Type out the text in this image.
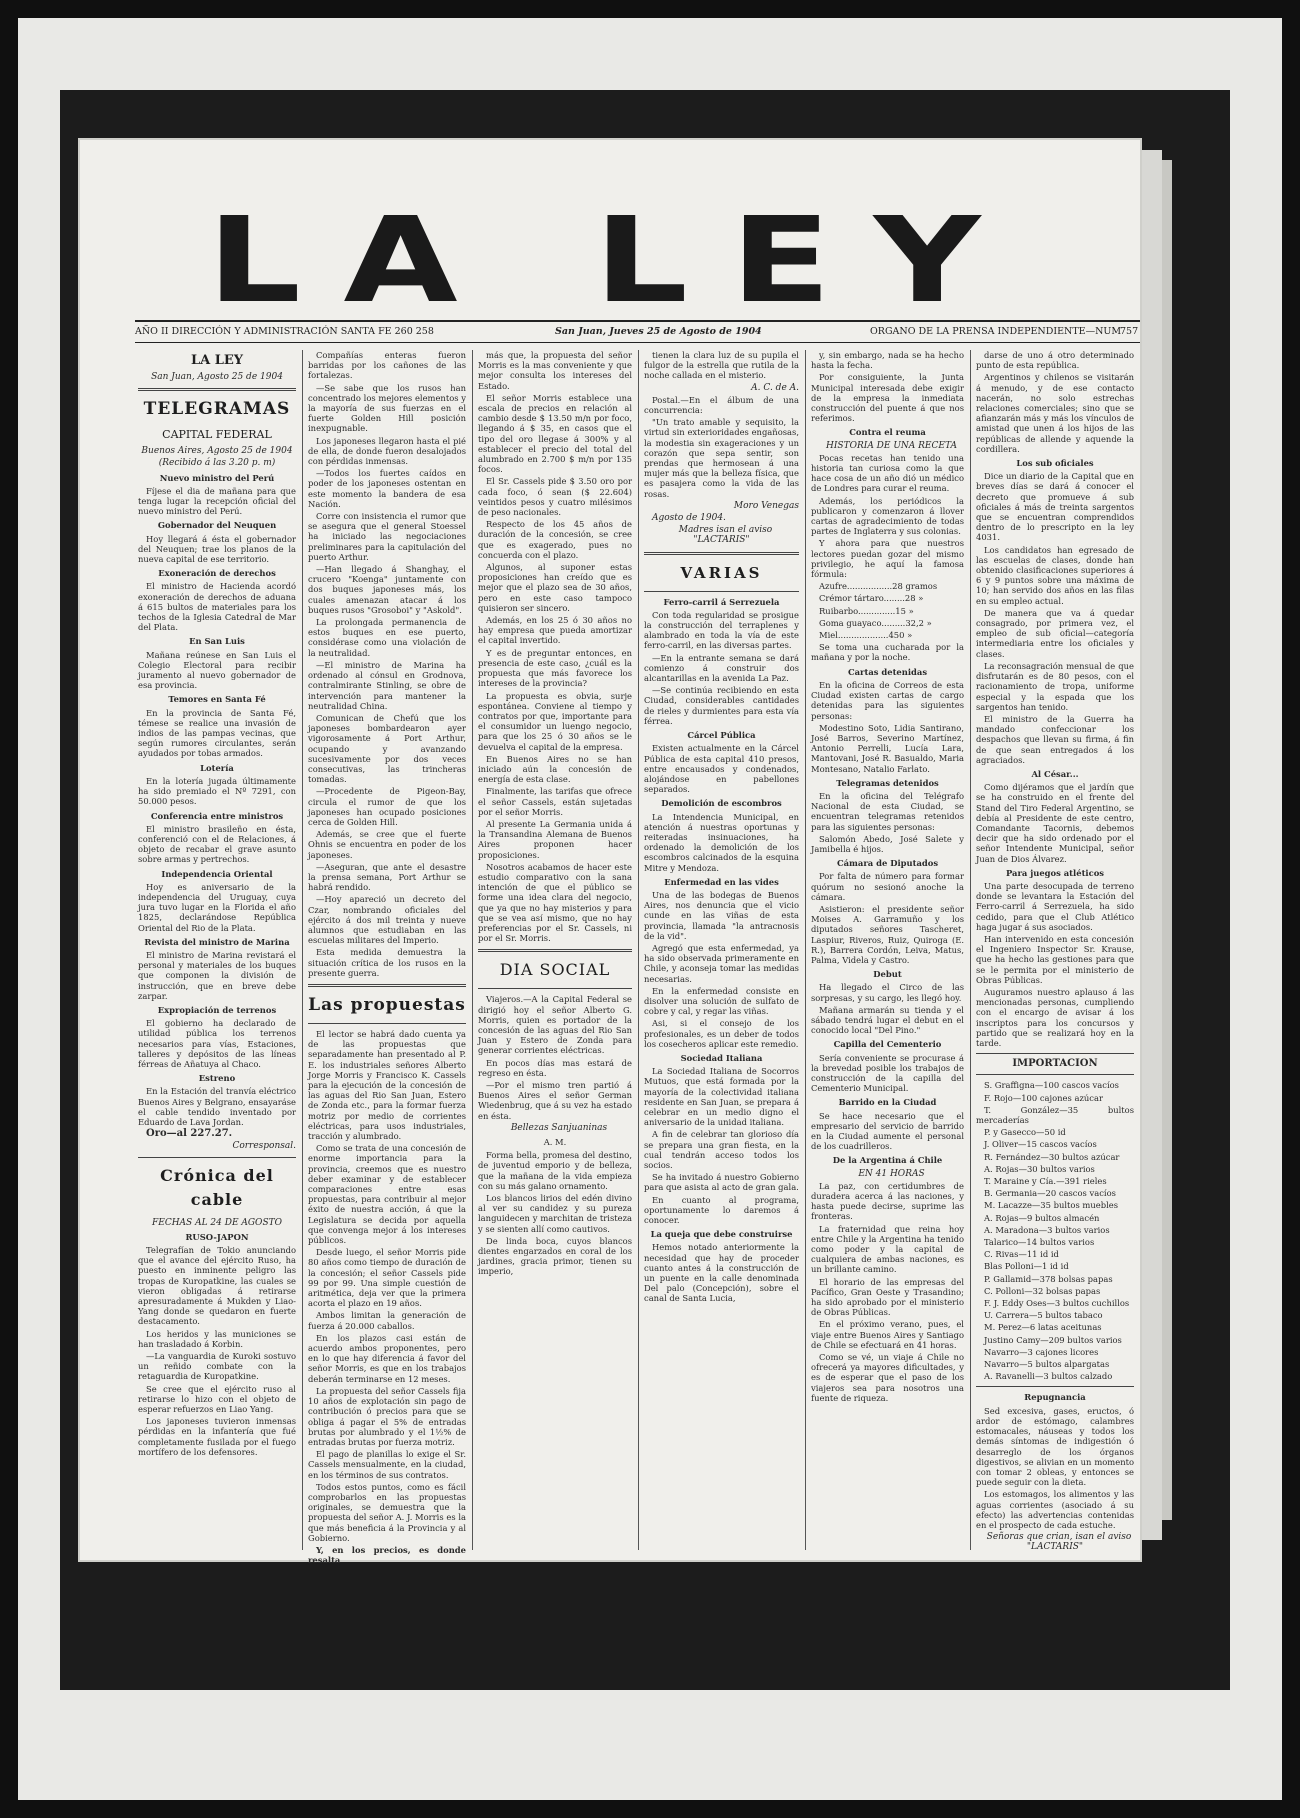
LA LEY
AÑO II DIRECCIÓN Y ADMINISTRACIÓN SANTA FE 260 258	San Juan, Jueves 25 de Agosto de 1904	ORGANO DE LA PRENSA INDEPENDIENTE—NUM
757
LA LEY
San Juan, Agosto 25 de 1904
TELEGRAMAS
CAPITAL FEDERAL
Buenos Aires, Agosto 25 de 1904
(Recibido á las 3.20 p. m)

Nuevo ministro del Perú

Fíjese el dia de mañana para que tenga lugar la recepción oficial del nuevo ministro del Perú.

Gobernador del Neuquen

Hoy llegará á ésta el gobernador del Neuquen; trae los planos de la nueva capital de ese territorio.

Exoneración de derechos

El ministro de Hacienda acordó exoneración de derechos de aduana á 615 bultos de materiales para los techos de la Iglesia Catedral de Mar del Plata.

En San Luis

Mañana reúnese en San Luis el Colegio Electoral para recibir juramento al nuevo gobernador de esa provincia.

Temores en Santa Fé

En la provincia de Santa Fé, témese se realice una invasión de indios de las pampas vecinas, que según rumores circulantes, serán ayudados por tobas armados.

Lotería

En la lotería jugada últimamente ha sido premiado el Nº 7291, con 50.000 pesos.

Conferencia entre ministros

El ministro brasileño en ésta, conferenció con el de Relaciones, á objeto de recabar el grave asunto sobre armas y pertrechos.

Independencia Oriental

Hoy es aniversario de la independencia del Uruguay, cuya jura tuvo lugar en la Florida el año 1825, declarándose República Oriental del Rio de la Plata.

Revista del ministro de Marina

El ministro de Marina revistará el personal y materiales de los buques que componen la división de instrucción, que en breve debe zarpar.

Expropiación de terrenos

El gobierno ha declarado de utilidad pública los terrenos necesarios para vías, Estaciones, talleres y depósitos de las líneas férreas de Añatuya al Chaco.

Estreno

En la Estación del tranvía eléctrico Buenos Aires y Belgrano, ensayaráse el cable tendido inventado por Eduardo de Lava Jordan.

Oro—al 227.27.

Corresponsal.

Crónica del cable
FECHAS AL 24 DE AGOSTO

RUSO-JAPON

Telegrafían de Tokio anunciando que el avance del ejército Ruso, ha puesto en inminente peligro las tropas de Kuropatkine, las cuales se vieron obligadas á retirarse apresuradamente á Mukden y Liao-Yang donde se quedaron en fuerte destacamento.

Los heridos y las municiones se han trasladado á Korbin.

—La vanguardia de Kuroki sostuvo un reñido combate con la retaguardia de Kuropatkine.

Se cree que el ejército ruso al retirarse lo hizo con el objeto de esperar refuerzos en Liao Yang.

Los japoneses tuvieron inmensas pérdidas en la infantería que fué completamente fusilada por el fuego mortífero de los defensores.

Compañías enteras fueron barridas por los cañones de las fortalezas.

—Se sabe que los rusos han concentrado los mejores elementos y la mayoría de sus fuerzas en el fuerte Golden Hill posición inexpugnable.

Los japoneses llegaron hasta el pié de ella, de donde fueron desalojados con pérdidas inmensas.

—Todos los fuertes caídos en poder de los japoneses ostentan en este momento la bandera de esa Nación.

Corre con insistencia el rumor que se asegura que el general Stoessel ha iniciado las negociaciones preliminares para la capitulación del puerto Arthur.

—Han llegado á Shanghay, el crucero "Koenga" juntamente con dos buques japoneses más, los cuales amenazan atacar á los buques rusos "Grosoboi" y "Askold".

La prolongada permanencia de estos buques en ese puerto, considérase como una violación de la neutralidad.

—El ministro de Marina ha ordenado al cónsul en Grodnova, contralmirante Stinling, se obre de intervención para mantener la neutralidad China.

Comunican de Chefú que los japoneses bombardearon ayer vigorosamente á Port Arthur, ocupando y avanzando sucesivamente por dos veces consecutivas, las trincheras tomadas.

—Procedente de Pigeon-Bay, circula el rumor de que los japoneses han ocupado posiciones cerca de Golden Hill.

Además, se cree que el fuerte Ohnis se encuentra en poder de los japoneses.

—Aseguran, que ante el desastre la prensa semana, Port Arthur se habrá rendido.

—Hoy apareció un decreto del Czar, nombrando oficiales del ejército á dos mil treinta y nueve alumnos que estudiaban en las escuelas militares del Imperio.

Esta medida demuestra la situación crítica de los rusos en la presente guerra.

Las propuestas

El lector se habrá dado cuenta ya de las propuestas que separadamente han presentado al P. E. los industriales señores Alberto Jorge Morris y Francisco K. Cassels para la ejecución de la concesión de las aguas del Rio San Juan, Estero de Zonda etc., para la formar fuerza motriz por medio de corrientes eléctricas, para usos industriales, tracción y alumbrado.

Como se trata de una concesión de enorme importancia para la provincia, creemos que es nuestro deber examinar y de establecer comparaciones entre esas propuestas, para contribuir al mejor éxito de nuestra acción, á que la Legislatura se decida por aquella que convenga mejor á los intereses públicos.

Desde luego, el señor Morris pide 80 años como tiempo de duración de la concesión; el señor Cassels pide 99 por 99. Una simple cuestión de aritmética, deja ver que la primera acorta el plazo en 19 años.

Ambos limitan la generación de fuerza á 20.000 caballos.

En los plazos casi están de acuerdo ambos proponentes, pero en lo que hay diferencia á favor del señor Morris, es que en los trabajos deberán terminarse en 12 meses.

La propuesta del señor Cassels fija 10 años de explotación sin pago de contribución ó precios para que se obliga á pagar el 5% de entradas brutas por alumbrado y el 1½% de entradas brutas por fuerza motriz.

El pago de planillas lo exige el Sr. Cassels mensualmente, en la ciudad, en los términos de sus contratos.

Todos estos puntos, como es fácil comprobarlos en las propuestas originales, se demuestra que la propuesta del señor A. J. Morris es la que más beneficia á la Provincia y al Gobierno.

Y, en los precios, es donde resalta

más que, la propuesta del señor Morris es la mas conveniente y que mejor consulta los intereses del Estado.

El señor Morris establece una escala de precios en relación al cambio desde $ 13.50 m/n por foco, llegando á $ 35, en casos que el tipo del oro llegase á 300% y al establecer el precio del total del alumbrado en 2.700 $ m/n por 135 focos.

El Sr. Cassels pide $ 3.50 oro por cada foco, ó sean ($ 22.604) veintidos pesos y cuatro milésimos de peso nacionales.

Respecto de los 45 años de duración de la concesión, se cree que es exagerado, pues no concuerda con el plazo.

Algunos, al suponer estas proposiciones han creído que es mejor que el plazo sea de 30 años, pero en este caso tampoco quisieron ser sincero.

Además, en los 25 ó 30 años no hay empresa que pueda amortizar el capital invertido.

Y es de preguntar entonces, en presencia de este caso, ¿cuál es la propuesta que más favorece los intereses de la provincia?

La propuesta es obvia, surje espontánea. Conviene al tiempo y contratos por que, importante para el consumidor un luengo negocio, para que los 25 ó 30 años se le devuelva el capital de la empresa.

En Buenos Aires no se han iniciado aún la concesión de energía de esta clase.

Finalmente, las tarifas que ofrece el señor Cassels, están sujetadas por el señor Morris.

Al presente La Germania unida á la Transandina Alemana de Buenos Aires proponen hacer proposiciones.

Nosotros acabamos de hacer este estudio comparativo con la sana intención de que el público se forme una idea clara del negocio, que ya que no hay misterios y para que se vea así mismo, que no hay preferencias por el Sr. Cassels, ni por el Sr. Morris.

DIA SOCIAL

Viajeros.—A la Capital Federal se dirigió hoy el señor Alberto G. Morris, quien es portador de la concesión de las aguas del Rio San Juan y Estero de Zonda para generar corrientes eléctricas.

En pocos días mas estará de regreso en ésta.

—Por el mismo tren partió á Buenos Aires el señor German Wiedenbrug, que á su vez ha estado en ésta.

Bellezas Sanjuaninas

A. M.

Forma bella, promesa del destino, de juventud emporio y de belleza, que la mañana de la vida empieza con su más galano ornamento.

Los blancos lirios del edén divino al ver su candidez y su pureza languidecen y marchitan de tristeza y se sienten allí como cautivos.

De linda boca, cuyos blancos dientes engarzados en coral de los jardines, gracia primor, tienen su imperio,

tienen la clara luz de su pupila el fulgor de la estrella que rutila de la noche callada en el misterio.

A. C. de A.

Postal.—En el álbum de una concurrencia:

"Un trato amable y sequisito, la virtud sin exterioridades engañosas, la modestia sin exageraciones y un corazón que sepa sentir, son prendas que hermosean á una mujer más que la belleza física, que es pasajera como la vida de las rosas.

Moro Venegas

Agosto de 1904.

Madres isan el aviso "LACTARIS"

VARIAS

Ferro-carril á Serrezuela

Con toda regularidad se prosigue la construcción del terraplenes y alambrado en toda la vía de este ferro-carril, en las diversas partes.

—En la entrante semana se dará comienzo á construir dos alcantarillas en la avenida La Paz.

—Se continúa recibiendo en esta Ciudad, considerables cantidades de rieles y durmientes para esta vía férrea.

Cárcel Pública

Existen actualmente en la Cárcel Pública de esta capital 410 presos, entre encausados y condenados, alojándose en pabellones separados.

Demolición de escombros

La Intendencia Municipal, en atención á nuestras oportunas y reiteradas insinuaciones, ha ordenado la demolición de los escombros calcinados de la esquina Mitre y Mendoza.

Enfermedad en las vides

Una de las bodegas de Buenos Aires, nos denuncia que el vicio cunde en las viñas de esta provincia, llamada "la antracnosis de la vid".

Agregó que esta enfermedad, ya ha sido observada primeramente en Chile, y aconseja tomar las medidas necesarias.

En la enfermedad consiste en disolver una solución de sulfato de cobre y cal, y regar las viñas.

Asi, si el consejo de los profesionales, es un deber de todos los cosecheros aplicar este remedio.

Sociedad Italiana

La Sociedad Italiana de Socorros Mutuos, que está formada por la mayoría de la colectividad italiana residente en San Juan, se prepara á celebrar en un medio digno el aniversario de la unidad italiana.

A fin de celebrar tan glorioso día se prepara una gran fiesta, en la cual tendrán acceso todos los socios.

Se ha invitado á nuestro Gobierno para que asista al acto de gran gala.

En cuanto al programa, oportunamente lo daremos á conocer.

La queja que debe construirse

Hemos notado anteriormente la necesidad que hay de proceder cuanto antes á la construcción de un puente en la calle denominada Del palo (Concepción), sobre el canal de Santa Lucia,

y, sin embargo, nada se ha hecho hasta la fecha.

Por consiguiente, la Junta Municipal interesada debe exigir de la empresa la inmediata construcción del puente á que nos referimos.

Contra el reuma

HISTORIA DE UNA RECETA

Pocas recetas han tenido una historia tan curiosa como la que hace cosa de un año dió un médico de Londres para curar el reuma.

Además, los periódicos la publicaron y comenzaron á llover cartas de agradecimiento de todas partes de Inglaterra y sus colonias.

Y ahora para que nuestros lectores puedan gozar del mismo privilegio, he aquí la famosa fórmula:

Azufre.................28 gramos

Crémor tártaro........28 »

Ruibarbo..............15 »

Goma guayaco.........32,2 »

Miel...................450 »

Se toma una cucharada por la mañana y por la noche.

Cartas detenidas

En la oficina de Correos de esta Ciudad existen cartas de cargo detenidas para las siguientes personas:

Modestino Soto, Lidia Santirano, José Barros, Severino Martínez, Antonio Perrelli, Lucía Lara, Mantovani, José R. Basualdo, Maria Montesano, Natalio Farlato.

Telegramas detenidos

En la oficina del Telégrafo Nacional de esta Ciudad, se encuentran telegramas retenidos para las siguientes personas:

Salomón Abedo, José Salete y Jamibella é hijos.

Cámara de Diputados

Por falta de número para formar quórum no sesionó anoche la cámara.

Asistieron: el presidente señor Moises A. Garramuño y los diputados señores Tascheret, Laspiur, Riveros, Ruiz, Quiroga (E. R.), Barrera Cordón, Leiva, Matus, Palma, Videla y Castro.

Debut

Ha llegado el Circo de las sorpresas, y su cargo, les llegó hoy.

Mañana armarán su tienda y el sábado tendrá lugar el debut en el conocido local "Del Pino."

Capilla del Cementerio

Sería conveniente se procurase á la brevedad posible los trabajos de construcción de la capilla del Cementerio Municipal.

Barrido en la Ciudad

Se hace necesario que el empresario del servicio de barrido en la Ciudad aumente el personal de los cuadrilleros.

De la Argentina á Chile

EN 41 HORAS

La paz, con certidumbres de duradera acerca á las naciones, y hasta puede decirse, suprime las fronteras.

La fraternidad que reina hoy entre Chile y la Argentina ha tenido como poder y la capital de cualquiera de ambas naciones, es un brillante camino.

El horario de las empresas del Pacífico, Gran Oeste y Trasandino; ha sido aprobado por el ministerio de Obras Públicas.

En el próximo verano, pues, el viaje entre Buenos Aires y Santiago de Chile se efectuará en 41 horas.

Como se vé, un viaje á Chile no ofrecerá ya mayores dificultades, y es de esperar que el paso de los viajeros sea para nosotros una fuente de riqueza.

darse de uno á otro determinado punto de esta república.

Argentinos y chilenos se visitarán á menudo, y de ese contacto nacerán, no solo estrechas relaciones comerciales; sino que se afianzarán más y más los vínculos de amistad que unen á los hijos de las repúblicas de allende y aquende la cordillera.

Los sub oficiales

Dice un diario de la Capital que en breves días se dará á conocer el decreto que promueve á sub oficiales á más de treinta sargentos que se encuentran comprendidos dentro de lo prescripto en la ley 4031.

Los candidatos han egresado de las escuelas de clases, donde han obtenido clasificaciones superiores á 6 y 9 puntos sobre una máxima de 10; han servido dos años en las filas en su empleo actual.

De manera que va á quedar consagrado, por primera vez, el empleo de sub oficial—categoría intermediaria entre los oficiales y clases.

La reconsagración mensual de que disfrutarán es de 80 pesos, con el racionamiento de tropa, uniforme especial y la espada que los sargentos han tenido.

El ministro de la Guerra ha mandado confeccionar los despachos que llevan su firma, á fin de que sean entregados á los agraciados.

Al César...

Como dijéramos que el jardín que se ha construido en el frente del Stand del Tiro Federal Argentino, se debía al Presidente de este centro, Comandante Tacornis, debemos decir que ha sido ordenado por el señor Intendente Municipal, señor Juan de Dios Álvarez.

Para juegos atléticos

Una parte desocupada de terreno donde se levantara la Estación del Ferro-carril á Serrezuela, ha sido cedido, para que el Club Atlético haga jugar á sus asociados.

Han intervenido en esta concesión el Ingeniero Inspector Sr. Krause, que ha hecho las gestiones para que se le permita por el ministerio de Obras Públicas.

Auguramos nuestro aplauso á las mencionadas personas, cumpliendo con el encargo de avisar á los inscriptos para los concursos y partido que se realizará hoy en la tarde.

IMPORTACION

S. Graffigna—100 cascos vacíos

F. Rojo—100 cajones azúcar

T. González—35 bultos mercaderías

P. y Gasecco—50 id

J. Oliver—15 cascos vacíos

R. Fernández—30 bultos azúcar

A. Rojas—30 bultos varios

T. Maraine y Cía.—391 rieles

B. Germania—20 cascos vacíos

M. Lacazze—35 bultos muebles

A. Rojas—9 bultos almacén

A. Maradona—3 bultos varios

Talarico—14 bultos varios

C. Rivas—11 id id

Blas Polloni—1 id id

P. Gallamid—378 bolsas papas

C. Polloni—32 bolsas papas

F. J. Eddy Oses—3 bultos cuchillos

U. Carrera—5 bultos tabaco

M. Perez—6 latas aceitunas

Justino Camy—209 bultos varios

Navarro—3 cajones licores

Navarro—5 bultos alpargatas

A. Ravanelli—3 bultos calzado

Repugnancia

Sed excesiva, gases, eructos, ó ardor de estómago, calambres estomacales, náuseas y todos los demás síntomas de indigestión ó desarreglo de los órganos digestivos, se alivian en un momento con tomar 2 obleas, y entonces se puede seguir con la dieta.

Los estomagos, los alimentos y las aguas corrientes (asociado á su efecto) las advertencias contenidas en el prospecto de cada estuche.

Señoras que crian, isan el aviso "LACTARIS"
